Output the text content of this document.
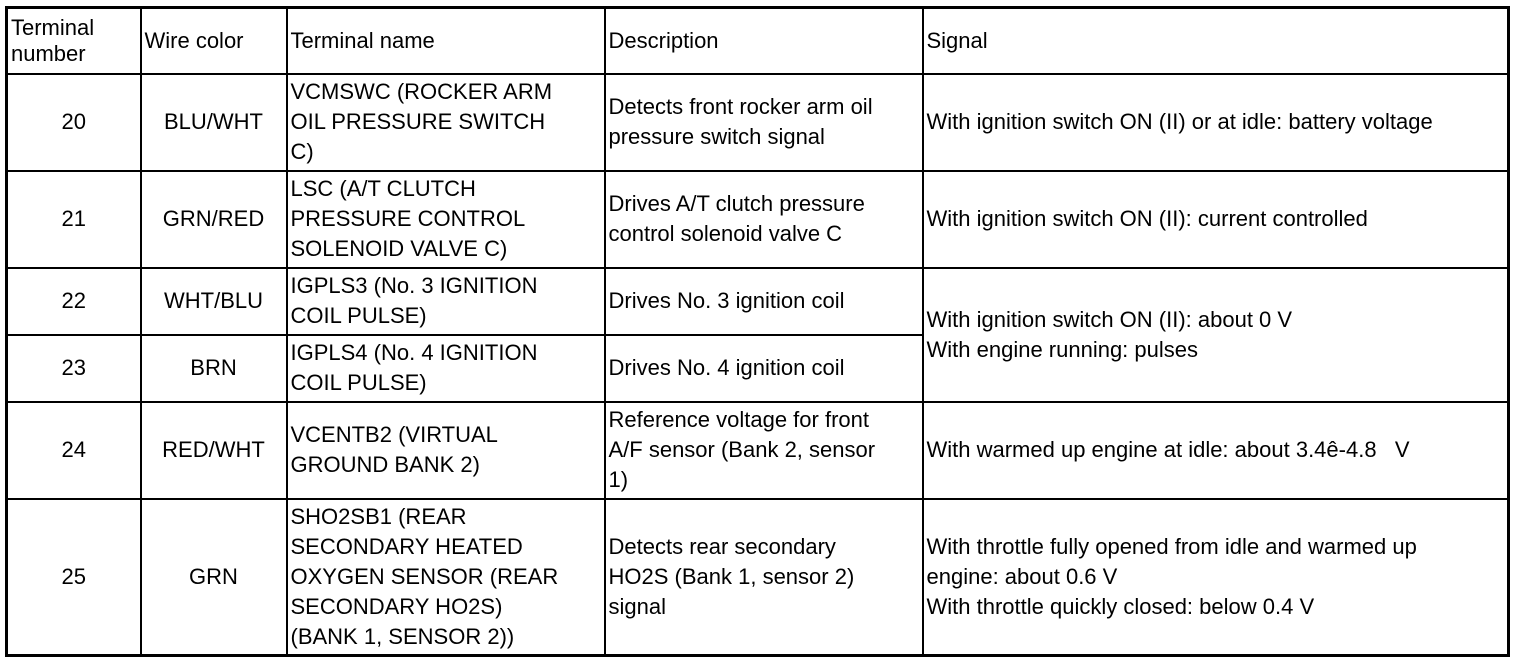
Terminal
number	Wire color	Terminal name	Description	Signal
20	BLU/WHT	VCMSWC (ROCKER ARM
OIL PRESSURE SWITCH
C)	Detects front rocker arm oil
pressure switch signal	With ignition switch ON (II) or at idle: battery voltage

21	GRN/RED	LSC (A/T CLUTCH
PRESSURE CONTROL
SOLENOID VALVE C)	Drives A/T clutch pressure
control solenoid valve C	With ignition switch ON (II): current controlled

22	WHT/BLU	IGPLS3 (No. 3 IGNITION
COIL PULSE)	Drives No. 3 ignition coil	With ignition switch ON (II): about 0 V
With engine running: pulses

23	BRN	IGPLS4 (No. 4 IGNITION
COIL PULSE)	Drives No. 4 ignition coil	

24	RED/WHT	VCENTB2 (VIRTUAL
GROUND BANK 2)	Reference voltage for front
A/F sensor (Bank 2, sensor
1)	With warmed up engine at idle: about 3.4ê-4.8   V

25	GRN	SHO2SB1 (REAR
SECONDARY HEATED
OXYGEN SENSOR (REAR
SECONDARY HO2S)
(BANK 1, SENSOR 2))	Detects rear secondary
HO2S (Bank 1, sensor 2)
signal	With throttle fully opened from idle and warmed up
engine: about 0.6 V
With throttle quickly closed: below 0.4 V
